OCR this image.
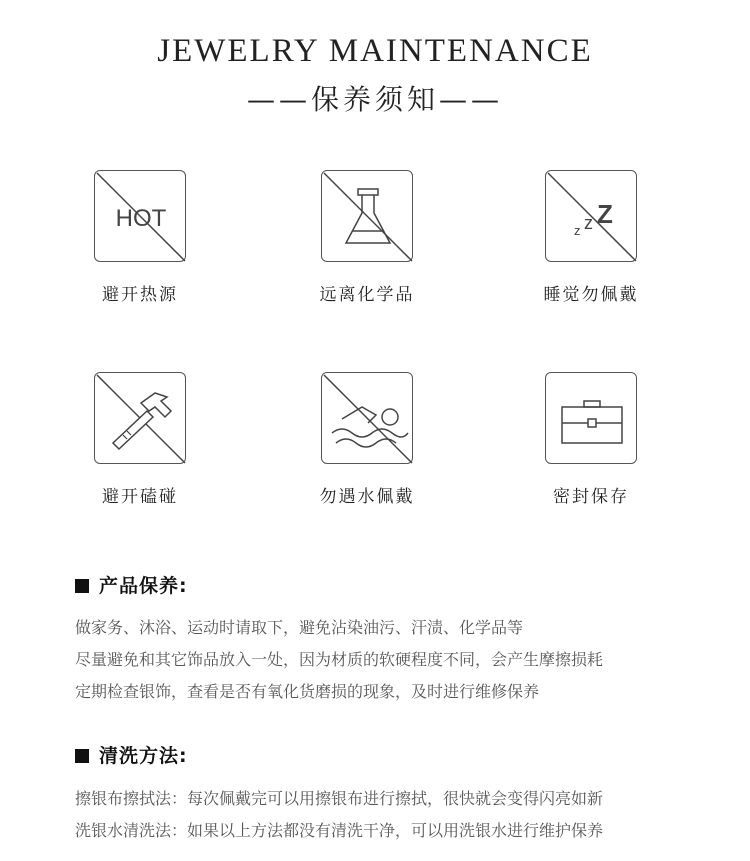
JEWELRY MAINTENANCE
——保养须知——
HOT
避开热源	远离化学品
z z Z
睡觉勿佩戴
避开磕碰	勿遇水佩戴	密封保存
产品保养:
做家务、沐浴、运动时请取下，避免沾染油污、汗渍、化学品等
尽量避免和其它饰品放入一处，因为材质的软硬程度不同，会产生摩擦损耗
定期检查银饰，查看是否有氧化货磨损的现象，及时进行维修保养
清洗方法:
擦银布擦拭法：每次佩戴完可以用擦银布进行擦拭，很快就会变得闪亮如新
洗银水清洗法：如果以上方法都没有清洗干净，可以用洗银水进行维护保养
